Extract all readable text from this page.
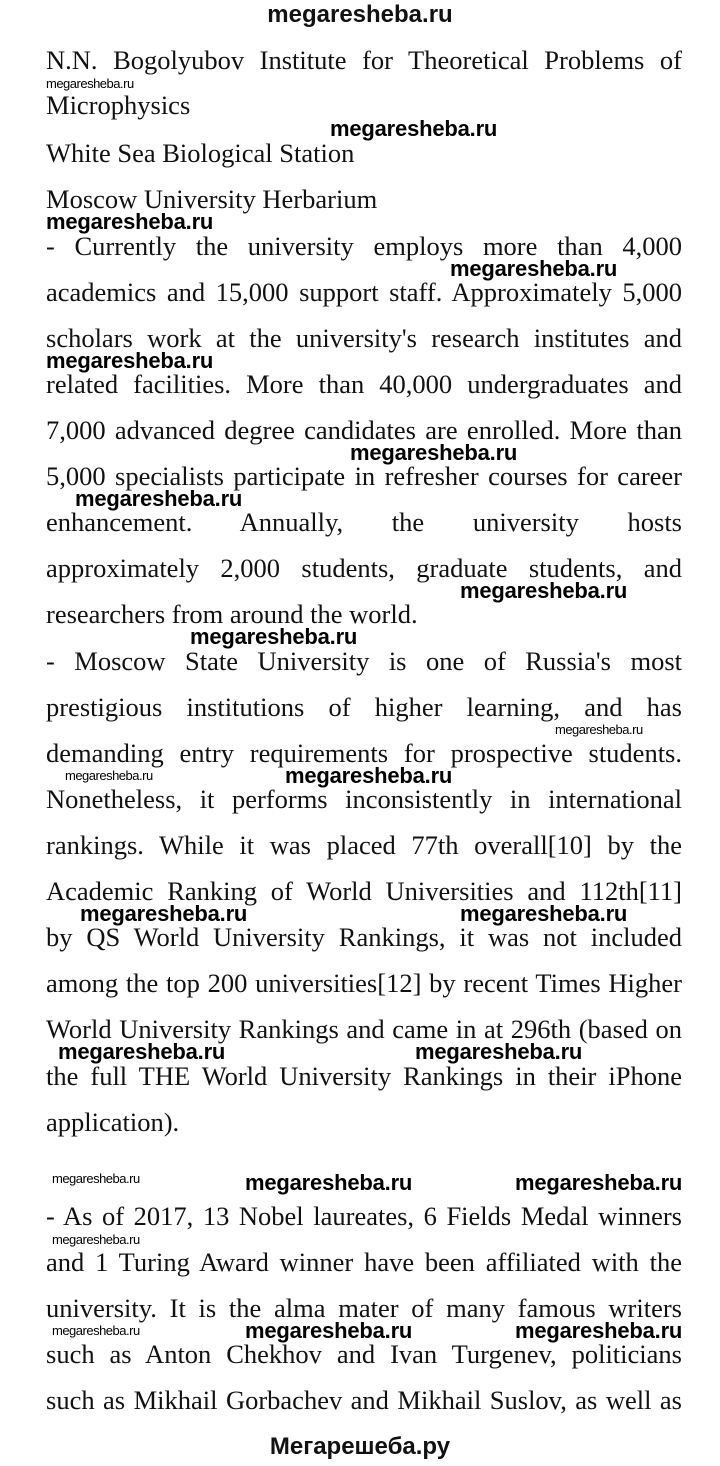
megaresheba.ru
N.N. Bogolyubov Institute for Theoretical Problems of
Microphysics
White Sea Biological Station
Moscow University Herbarium
- Currently the university employs more than 4,000
academics and 15,000 support staff. Approximately 5,000
scholars work at the university's research institutes and
related facilities. More than 40,000 undergraduates and
7,000 advanced degree candidates are enrolled. More than
5,000 specialists participate in refresher courses for career
enhancement. Annually, the university hosts
approximately 2,000 students, graduate students, and
researchers from around the world.
- Moscow State University is one of Russia's most
prestigious institutions of higher learning, and has
demanding entry requirements for prospective students.
Nonetheless, it performs inconsistently in international
rankings. While it was placed 77th overall[10] by the
Academic Ranking of World Universities and 112th[11]
by QS World University Rankings, it was not included
among the top 200 universities[12] by recent Times Higher
World University Rankings and came in at 296th (based on
the full THE World University Rankings in their iPhone
application).
- As of 2017, 13 Nobel laureates, 6 Fields Medal winners
and 1 Turing Award winner have been affiliated with the
university. It is the alma mater of many famous writers
such as Anton Chekhov and Ivan Turgenev, politicians
such as Mikhail Gorbachev and Mikhail Suslov, as well as
megaresheba.ru
megaresheba.ru
megaresheba.ru
megaresheba.ru
megaresheba.ru
megaresheba.ru
megaresheba.ru
megaresheba.ru
megaresheba.ru
megaresheba.ru
megaresheba.ru	megaresheba.ru
megaresheba.ru	megaresheba.ru
megaresheba.ru	megaresheba.ru
megaresheba.ru	megaresheba.ru	megaresheba.ru
megaresheba.ru
megaresheba.ru	megaresheba.ru	megaresheba.ru
Мегарешеба.ру
